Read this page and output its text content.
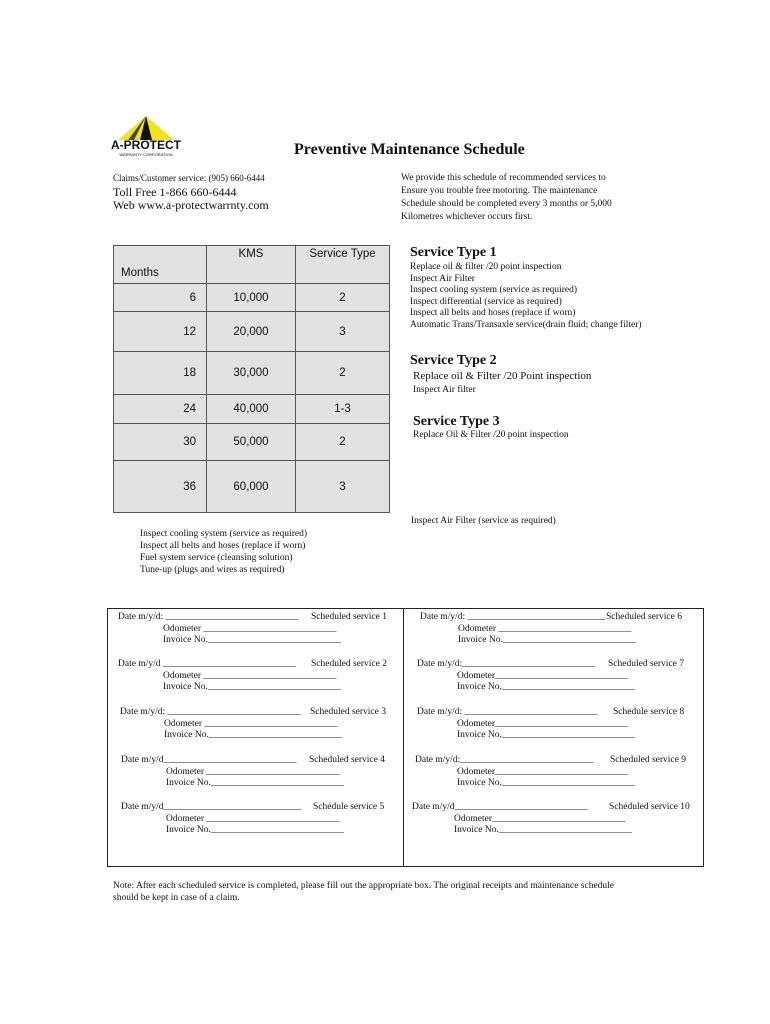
A-PROTECT
WARRANTY CORPORATION	Preventive Maintenance Schedule
Claims/Customer service: (905) 660-6444
Toll Free 1-866 660-6444
Web www.a-protectwarrnty.com
We provide this schedule of recommended services to
Ensure you trouble free motoring. The maintenance
Schedule should be completed every 3 months or 5,000
Kilometres whichever occurs first.
Months	KMS	Service Type
6	10,000	2
12	20,000	3
18	30,000	2
24	40,000	1-3
30	50,000	2
36	60,000	3
Service Type 1
Replace oil & filter /20 point inspection
Inspect Air Filter
Inspect cooling system (service as required)
Inspect differential (service as required)
Inspect all belts and hoses (replace if worn)
Automatic Trans/Transaxle service(drain fluid; change filter)
Service Type 2
Replace oil & Filter /20 Point inspection
Inspect Air filter
Service Type 3
Replace Oil & Filter /20 point inspection
Inspect Air Filter (service as required)
Inspect cooling system (service as required)
Inspect all belts and hoses (replace if worn)
Fuel system service (cleansing solution)
Tune-up (plugs and wires as required)
Date m/y/d: ____________________________	Scheduled service 1
Odometer ____________________________
Invoice No.____________________________
Date m/y/d ____________________________	Scheduled service 2
Odometer ____________________________
Invoice No.____________________________
Date m/y/d: ____________________________	Scheduled service 3
Odometer ____________________________
Invoice No.____________________________
Date m/y/d____________________________	Scheduled service 4
Odometer ____________________________
Invoice No.____________________________
Date m/y/d_____________________________	Schedule service 5
Odometer ____________________________
Invoice No.____________________________
Date m/y/d: _____________________________ Scheduled service 6
Odometer ____________________________
Invoice No.____________________________
Date m/y/d:____________________________	Scheduled service 7
Odometer____________________________
Invoice No.____________________________
Date m/y/d: ____________________________	Schedule service 8
Odometer____________________________
Invoice No.____________________________
Date m/y/d:____________________________	Scheduled service 9
Odometer____________________________
Invoice No.____________________________
Date m/y/d____________________________	Scheduled service 10
Odometer____________________________
Invoice No.____________________________
Note: After each scheduled service is completed, please fill out the appropriate box. The original receipts and maintenance schedule
should be kept in case of a claim.
